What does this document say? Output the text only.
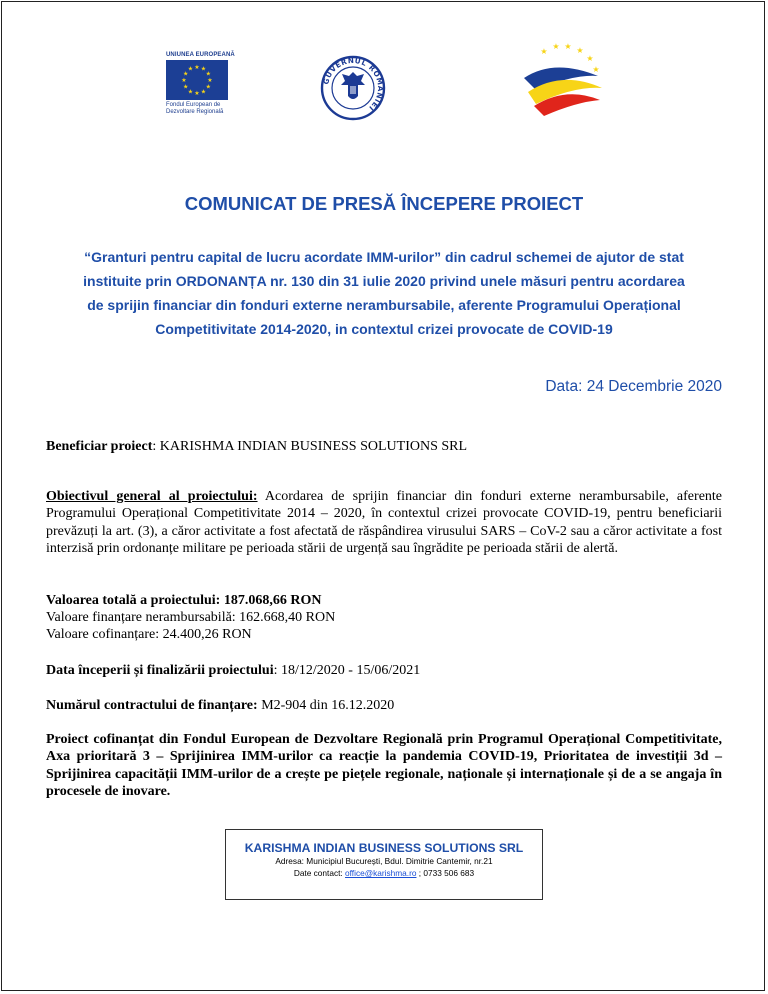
UNIUNEA EUROPEANĂ
★ ★
★
★
★
★
★
★
★
★
★
★
Fondul European de
Dezvoltare Regională
GUVERNUL ROMÂNIEI
★
★ ★ ★
★
★
COMUNICAT DE PRESĂ ÎNCEPERE PROIECT
“Granturi pentru capital de lucru acordate IMM-urilor” din cadrul schemei de ajutor de stat
instituite prin ORDONANȚA nr. 130 din 31 iulie 2020 privind unele măsuri pentru acordarea
de sprijin financiar din fonduri externe nerambursabile, aferente Programului Operațional
Competitivitate 2014-2020, in contextul crizei provocate de COVID-19
Data: 24 Decembrie 2020
Beneficiar proiect: KARISHMA INDIAN BUSINESS SOLUTIONS SRL
Obiectivul general al proiectului: Acordarea de sprijin financiar din fonduri externe nerambursabile, aferente Programului Operațional Competitivitate 2014 – 2020, în contextul crizei provocate COVID-19, pentru beneficiarii prevăzuți la art. (3), a căror activitate a fost afectată de răspândirea virusului SARS – CoV-2 sau a căror activitate a fost interzisă prin ordonanțe militare pe perioada stării de urgență sau îngrădite pe perioada stării de alertă.
Valoarea totală a proiectului: 187.068,66 RON
Valoare finanțare nerambursabilă: 162.668,40 RON
Valoare cofinanțare: 24.400,26 RON
Data începerii și finalizării proiectului: 18/12/2020 - 15/06/2021
Numărul contractului de finanțare: M2-904 din 16.12.2020
Proiect cofinanțat din Fondul European de Dezvoltare Regională prin Programul Operațional Competitivitate, Axa prioritară 3 – Sprijinirea IMM-urilor ca reacție la pandemia COVID-19, Prioritatea de investiții 3d – Sprijinirea capacității IMM-urilor de a crește pe piețele regionale, naționale și internaționale și de a se angaja în procesele de inovare.
KARISHMA INDIAN BUSINESS SOLUTIONS SRL
Adresa: Municipiul București, Bdul. Dimitrie Cantemir, nr.21
Date contact: office@karishma.ro ; 0733 506 683
